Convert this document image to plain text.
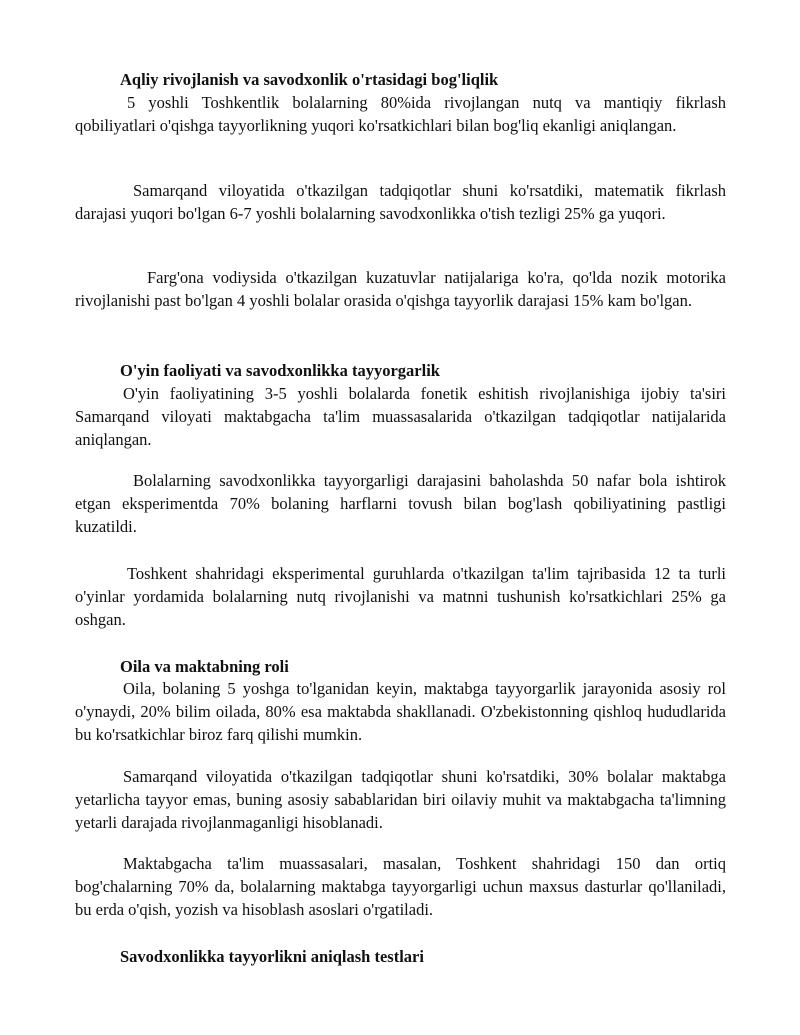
Aqliy rivojlanish va savodxonlik o'rtasidagi bog'liqlik

5 yoshli Toshkentlik bolalarning 80%ida rivojlangan nutq va mantiqiy fikrlash qobiliyatlari o'qishga tayyorlikning yuqori ko'rsatkichlari bilan bog'liq ekanligi aniqlangan.

Samarqand viloyatida o'tkazilgan tadqiqotlar shuni ko'rsatdiki, matematik fikrlash darajasi yuqori bo'lgan 6-7 yoshli bolalarning savodxonlikka o'tish tezligi 25% ga yuqori.

Farg'ona vodiysida o'tkazilgan kuzatuvlar natijalariga ko'ra, qo'lda nozik motorika rivojlanishi past bo'lgan 4 yoshli bolalar orasida o'qishga tayyorlik darajasi 15% kam bo'lgan.

O'yin faoliyati va savodxonlikka tayyorgarlik

O'yin faoliyatining 3-5 yoshli bolalarda fonetik eshitish rivojlanishiga ijobiy ta'siri Samarqand viloyati maktabgacha ta'lim muassasalarida o'tkazilgan tadqiqotlar natijalarida aniqlangan.

Bolalarning savodxonlikka tayyorgarligi darajasini baholashda 50 nafar bola ishtirok etgan eksperimentda 70% bolaning harflarni tovush bilan bog'lash qobiliyatining pastligi kuzatildi.

Toshkent shahridagi eksperimental guruhlarda o'tkazilgan ta'lim tajribasida 12 ta turli o'yinlar yordamida bolalarning nutq rivojlanishi va matnni tushunish ko'rsatkichlari 25% ga oshgan.

Oila va maktabning roli

Oila, bolaning 5 yoshga to'lganidan keyin, maktabga tayyorgarlik jarayonida asosiy rol o'ynaydi, 20% bilim oilada, 80% esa maktabda shakllanadi. O'zbekistonning qishloq hududlarida bu ko'rsatkichlar biroz farq qilishi mumkin.

Samarqand viloyatida o'tkazilgan tadqiqotlar shuni ko'rsatdiki, 30% bolalar maktabga yetarlicha tayyor emas, buning asosiy sabablaridan biri oilaviy muhit va maktabgacha ta'limning yetarli darajada rivojlanmaganligi hisoblanadi.

Maktabgacha ta'lim muassasalari, masalan, Toshkent shahridagi 150 dan ortiq bog'chalarning 70% da, bolalarning maktabga tayyorgarligi uchun maxsus dasturlar qo'llaniladi, bu erda o'qish, yozish va hisoblash asoslari o'rgatiladi.

Savodxonlikka tayyorlikni aniqlash testlari
